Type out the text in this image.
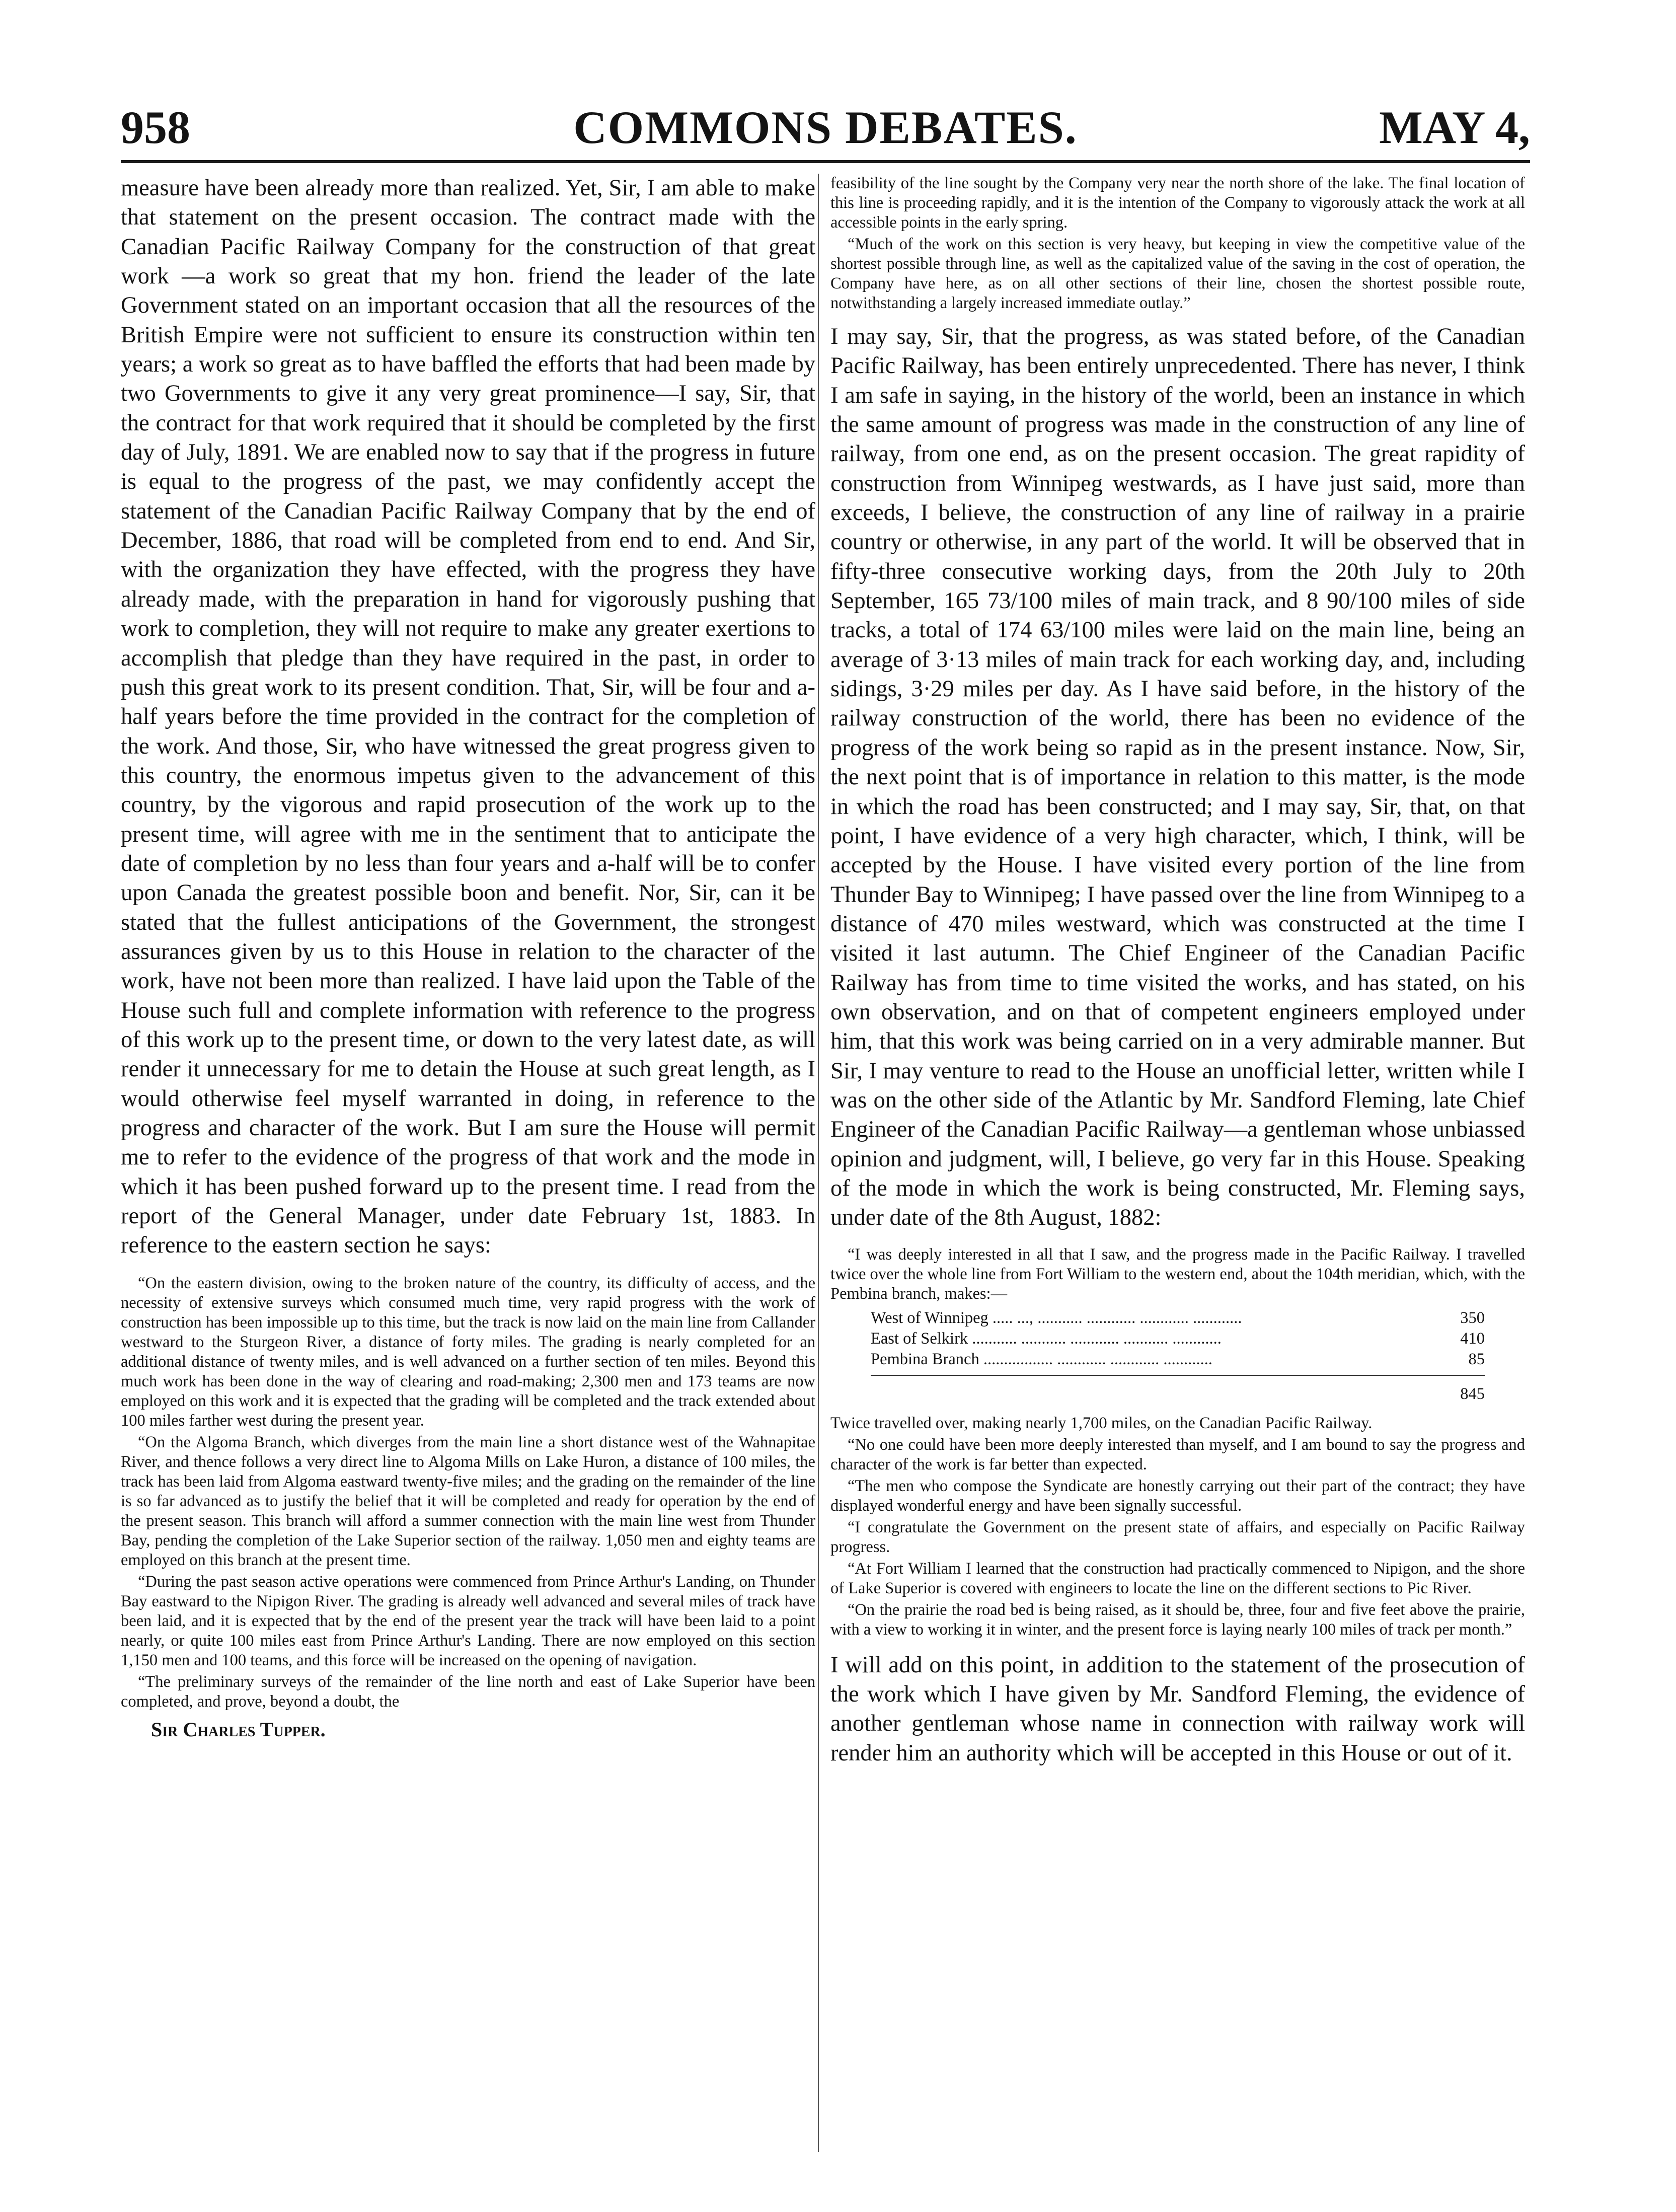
958	COMMONS DEBATES.	MAY 4,

measure have been already more than realized. Yet, Sir, I am able to make that statement on the present occasion. The contract made with the Canadian Pacific Railway Company for the construction of that great work —a work so great that my hon. friend the leader of the late Government stated on an important occasion that all the resources of the British Empire were not sufficient to ensure its construction within ten years; a work so great as to have baffled the efforts that had been made by two Governments to give it any very great prominence—I say, Sir, that the contract for that work required that it should be completed by the first day of July, 1891. We are enabled now to say that if the progress in future is equal to the progress of the past, we may confidently accept the statement of the Canadian Pacific Railway Company that by the end of December, 1886, that road will be completed from end to end. And Sir, with the organization they have effected, with the progress they have already made, with the preparation in hand for vigorously pushing that work to completion, they will not require to make any greater exertions to accomplish that pledge than they have required in the past, in order to push this great work to its present condition. That, Sir, will be four and a-half years before the time provided in the contract for the completion of the work. And those, Sir, who have witnessed the great progress given to this country, the enormous impetus given to the advancement of this country, by the vigorous and rapid prosecution of the work up to the present time, will agree with me in the sentiment that to anticipate the date of completion by no less than four years and a-half will be to confer upon Canada the greatest possible boon and benefit. Nor, Sir, can it be stated that the fullest anticipations of the Government, the strongest assurances given by us to this House in relation to the character of the work, have not been more than realized. I have laid upon the Table of the House such full and complete information with reference to the progress of this work up to the present time, or down to the very latest date, as will render it unnecessary for me to detain the House at such great length, as I would otherwise feel myself warranted in doing, in reference to the progress and character of the work. But I am sure the House will permit me to refer to the evidence of the progress of that work and the mode in which it has been pushed forward up to the present time. I read from the report of the General Manager, under date February 1st, 1883. In reference to the eastern section he says:

“On the eastern division, owing to the broken nature of the country, its difficulty of access, and the necessity of extensive surveys which consumed much time, very rapid progress with the work of construction has been impossible up to this time, but the track is now laid on the main line from Callander westward to the Sturgeon River, a distance of forty miles. The grading is nearly completed for an additional distance of twenty miles, and is well advanced on a further section of ten miles. Beyond this much work has been done in the way of clearing and road-making; 2,300 men and 173 teams are now employed on this work and it is expected that the grading will be completed and the track extended about 100 miles farther west during the present year.

“On the Algoma Branch, which diverges from the main line a short distance west of the Wahnapitae River, and thence follows a very direct line to Algoma Mills on Lake Huron, a distance of 100 miles, the track has been laid from Algoma eastward twenty-five miles; and the grading on the remainder of the line is so far advanced as to justify the belief that it will be completed and ready for operation by the end of the present season. This branch will afford a summer connection with the main line west from Thunder Bay, pending the completion of the Lake Superior section of the railway. 1,050 men and eighty teams are employed on this branch at the present time.

“During the past season active operations were commenced from Prince Arthur's Landing, on Thunder Bay eastward to the Nipigon River. The grading is already well advanced and several miles of track have been laid, and it is expected that by the end of the present year the track will have been laid to a point nearly, or quite 100 miles east from Prince Arthur's Landing. There are now employed on this section 1,150 men and 100 teams, and this force will be increased on the opening of navigation.

“The preliminary surveys of the remainder of the line north and east of Lake Superior have been completed, and prove, beyond a doubt, the

Sir Charles Tupper.

feasibility of the line sought by the Company very near the north shore of the lake. The final location of this line is proceeding rapidly, and it is the intention of the Company to vigorously attack the work at all accessible points in the early spring.

“Much of the work on this section is very heavy, but keeping in view the competitive value of the shortest possible through line, as well as the capitalized value of the saving in the cost of operation, the Company have here, as on all other sections of their line, chosen the shortest possible route, notwithstanding a largely increased immediate outlay.”

I may say, Sir, that the progress, as was stated before, of the Canadian Pacific Railway, has been entirely unprecedented. There has never, I think I am safe in saying, in the history of the world, been an instance in which the same amount of progress was made in the construction of any line of railway, from one end, as on the present occasion. The great rapidity of construction from Winnipeg westwards, as I have just said, more than exceeds, I believe, the construction of any line of railway in a prairie country or otherwise, in any part of the world. It will be observed that in fifty-three consecutive working days, from the 20th July to 20th September, 165 73/100 miles of main track, and 8 90/100 miles of side tracks, a total of 174 63/100 miles were laid on the main line, being an average of 3·13 miles of main track for each working day, and, including sidings, 3·29 miles per day. As I have said before, in the history of the railway construction of the world, there has been no evidence of the progress of the work being so rapid as in the present instance. Now, Sir, the next point that is of importance in relation to this matter, is the mode in which the road has been constructed; and I may say, Sir, that, on that point, I have evidence of a very high character, which, I think, will be accepted by the House. I have visited every portion of the line from Thunder Bay to Winnipeg; I have passed over the line from Winnipeg to a distance of 470 miles westward, which was constructed at the time I visited it last autumn. The Chief Engineer of the Canadian Pacific Railway has from time to time visited the works, and has stated, on his own observation, and on that of competent engineers employed under him, that this work was being carried on in a very admirable manner. But Sir, I may venture to read to the House an unofficial letter, written while I was on the other side of the Atlantic by Mr. Sandford Fleming, late Chief Engineer of the Canadian Pacific Railway—a gentleman whose unbiassed opinion and judgment, will, I believe, go very far in this House. Speaking of the mode in which the work is being constructed, Mr. Fleming says, under date of the 8th August, 1882:

“I was deeply interested in all that I saw, and the progress made in the Pacific Railway. I travelled twice over the whole line from Fort William to the western end, about the 104th meridian, which, with the Pembina branch, makes:—

West of Winnipeg ..... ..., ........... ............ ............ ............	350
East of Selkirk ........... ........... ............ ........... ............	410
Pembina Branch ................. ............ ............ ............	85

	845

Twice travelled over, making nearly 1,700 miles, on the Canadian Pacific Railway.

“No one could have been more deeply interested than myself, and I am bound to say the progress and character of the work is far better than expected.

“The men who compose the Syndicate are honestly carrying out their part of the contract; they have displayed wonderful energy and have been signally successful.

“I congratulate the Government on the present state of affairs, and especially on Pacific Railway progress.

“At Fort William I learned that the construction had practically commenced to Nipigon, and the shore of Lake Superior is covered with engineers to locate the line on the different sections to Pic River.

“On the prairie the road bed is being raised, as it should be, three, four and five feet above the prairie, with a view to working it in winter, and the present force is laying nearly 100 miles of track per month.”

I will add on this point, in addition to the statement of the prosecution of the work which I have given by Mr. Sandford Fleming, the evidence of another gentleman whose name in connection with railway work will render him an authority which will be accepted in this House or out of it.
